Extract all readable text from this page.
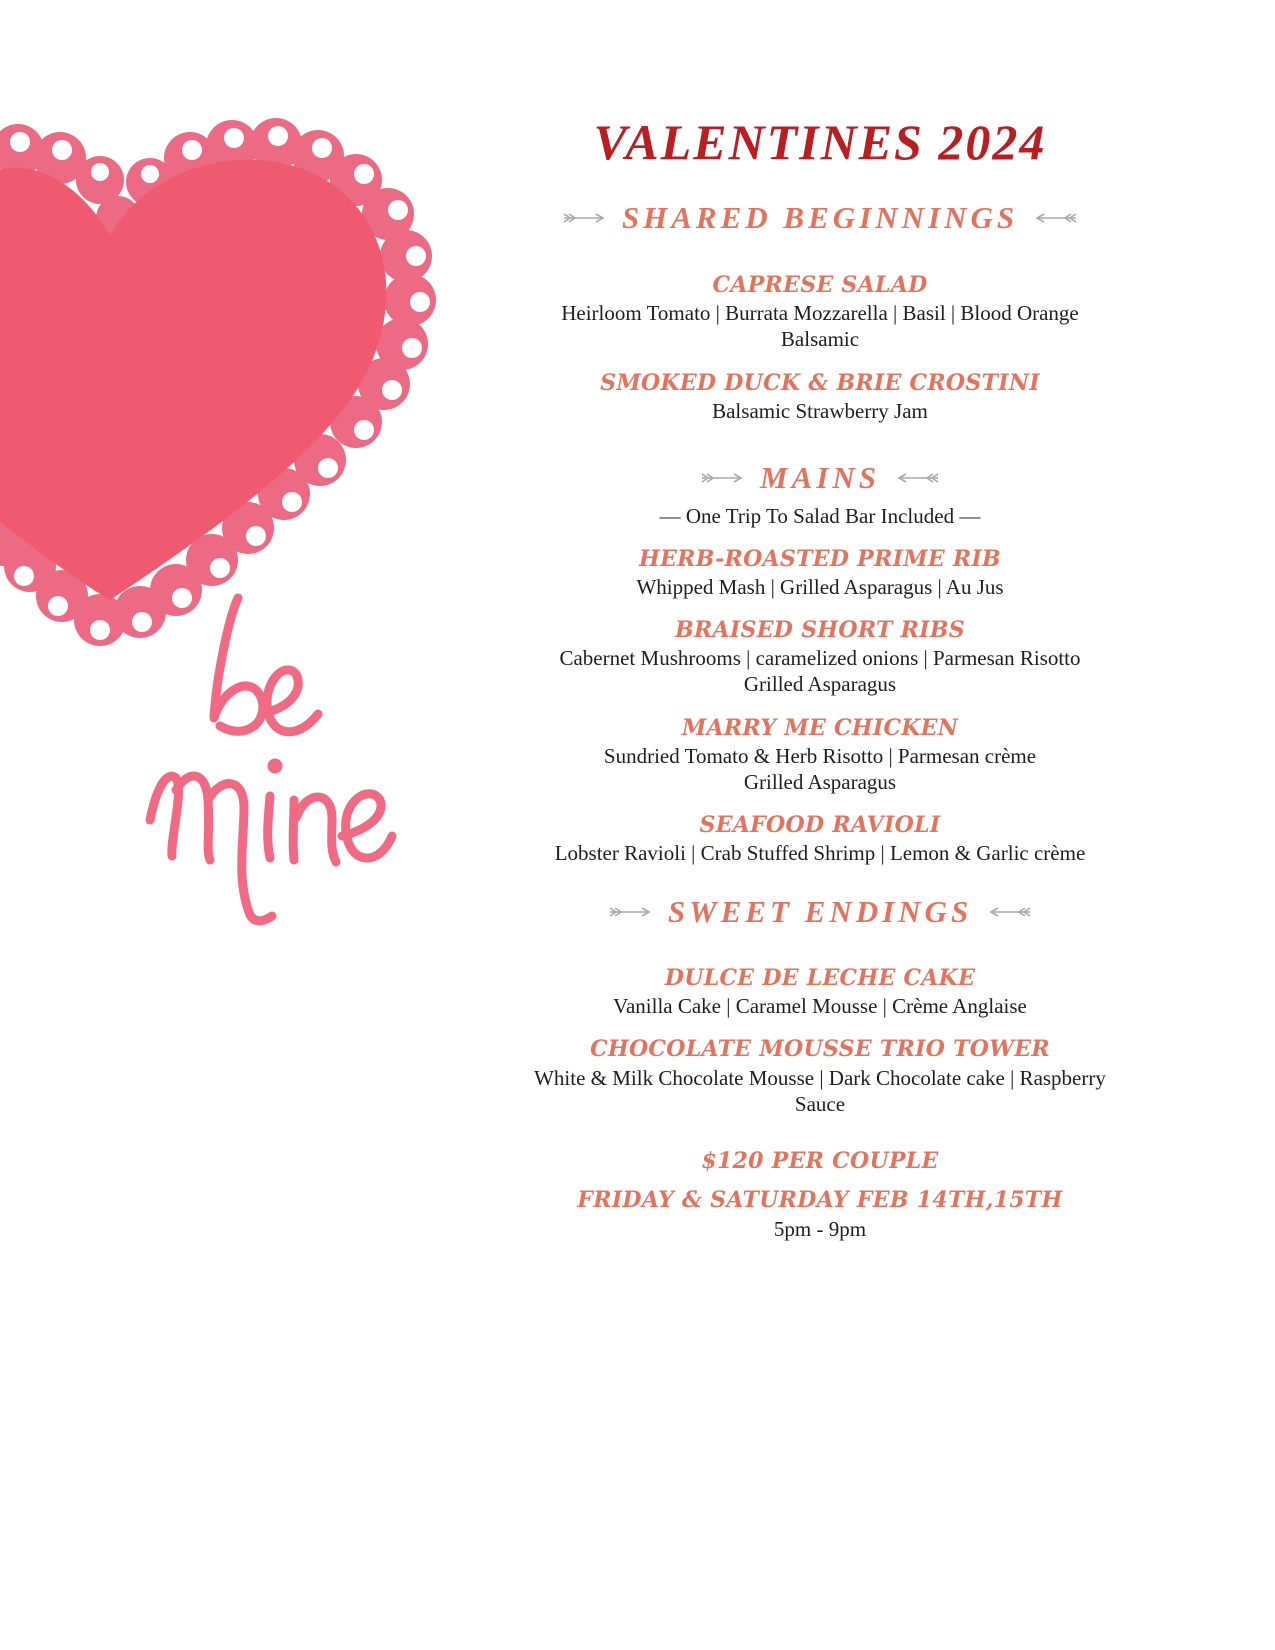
VALENTINES 2024
SHARED BEGINNINGS
CAPRESE SALAD
Heirloom Tomato | Burrata Mozzarella | Basil | Blood Orange
Balsamic
SMOKED DUCK & BRIE CROSTINI
Balsamic Strawberry Jam
MAINS
— One Trip To Salad Bar Included —
HERB-ROASTED PRIME RIB
Whipped Mash | Grilled Asparagus | Au Jus
BRAISED SHORT RIBS
Cabernet Mushrooms | caramelized onions | Parmesan Risotto
Grilled Asparagus
MARRY ME CHICKEN
Sundried Tomato & Herb Risotto | Parmesan crème
Grilled Asparagus
SEAFOOD RAVIOLI
Lobster Ravioli | Crab Stuffed Shrimp | Lemon & Garlic crème
SWEET ENDINGS
DULCE DE LECHE CAKE
Vanilla Cake | Caramel Mousse | Crème Anglaise
CHOCOLATE MOUSSE TRIO TOWER
White & Milk Chocolate Mousse | Dark Chocolate cake | Raspberry
Sauce
$120 PER COUPLE
FRIDAY & SATURDAY FEB 14TH,15TH
5pm - 9pm
